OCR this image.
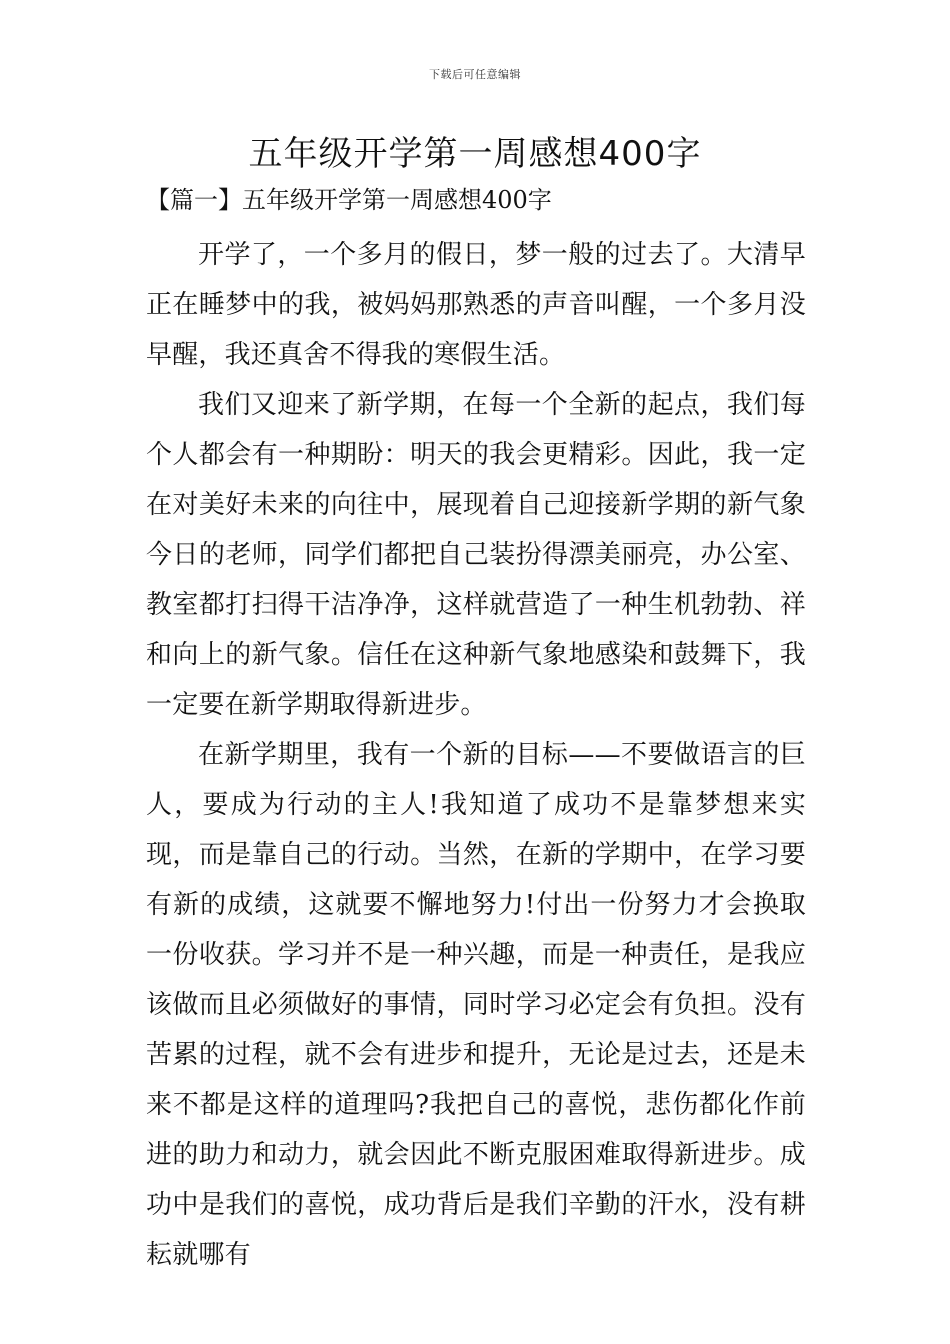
下载后可任意编辑
五年级开学第一周感想400字
【篇一】五年级开学第一周感想400字

开学了，一个多月的假日，梦一般的过去了。大清早正在睡梦中的我，被妈妈那熟悉的声音叫醒，一个多月没早醒，我还真舍不得我的寒假生活。

我们又迎来了新学期，在每一个全新的起点，我们每个人都会有一种期盼：明天的我会更精彩。因此，我一定在对美好未来的向往中，展现着自己迎接新学期的新气象今日的老师，同学们都把自己装扮得漂美丽亮，办公室、教室都打扫得干洁净净，这样就营造了一种生机勃勃、祥和向上的新气象。信任在这种新气象地感染和鼓舞下，我一定要在新学期取得新进步。

在新学期里，我有一个新的目标——不要做语言的巨人，要成为行动的主人!我知道了成功不是靠梦想来实现，而是靠自己的行动。当然，在新的学期中，在学习要有新的成绩，这就要不懈地努力!付出一份努力才会换取一份收获。学习并不是一种兴趣，而是一种责任，是我应该做而且必须做好的事情，同时学习必定会有负担。没有苦累的过程，就不会有进步和提升，无论是过去，还是未来不都是这样的道理吗?我把自己的喜悦，悲伤都化作前进的助力和动力，就会因此不断克服困难取得新进步。成功中是我们的喜悦，成功背后是我们辛勤的汗水，没有耕耘就哪有
